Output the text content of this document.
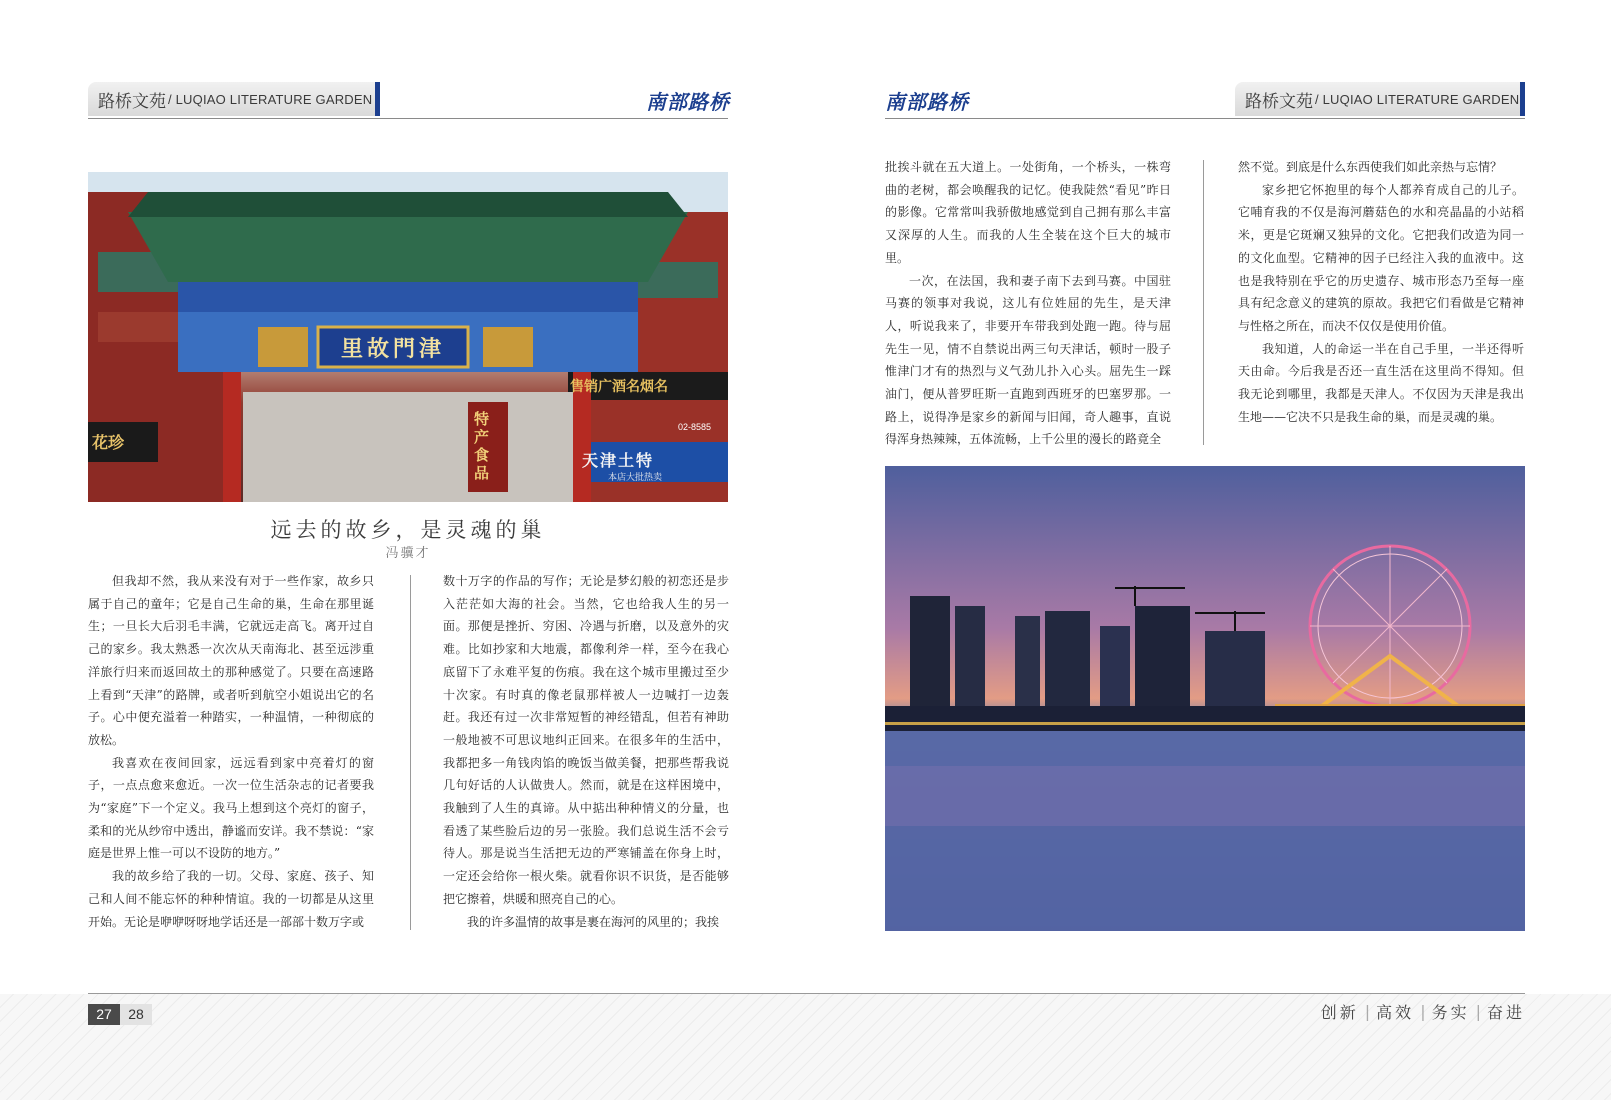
路桥文苑 / LUQIAO LITERATURE GARDEN	南部路桥	南部路桥	路桥文苑 / LUQIAO LITERATURE GARDEN
津門故里
珍花
特产食品
名烟名酒广销售
02-8585
天津土特
本店大批热卖
远去的故乡，是灵魂的巢
冯骥才

但我却不然，我从来没有对于一些作家，故乡只属于自己的童年；它是自己生命的巢，生命在那里诞生；一旦长大后羽毛丰满，它就远走高飞。离开过自己的家乡。我太熟悉一次次从天南海北、甚至远涉重洋旅行归来而返回故土的那种感觉了。只要在高速路上看到“天津”的路牌，或者听到航空小姐说出它的名子。心中便充溢着一种踏实，一种温情，一种彻底的放松。

我喜欢在夜间回家，远远看到家中亮着灯的窗子，一点点愈来愈近。一次一位生活杂志的记者要我为“家庭”下一个定义。我马上想到这个亮灯的窗子，柔和的光从纱帘中透出，静谧而安详。我不禁说：“家庭是世界上惟一可以不设防的地方。”

我的故乡给了我的一切。父母、家庭、孩子、知己和人间不能忘怀的种种情谊。我的一切都是从这里开始。无论是咿咿呀呀地学话还是一部部十数万字或

数十万字的作品的写作；无论是梦幻般的初恋还是步入茫茫如大海的社会。当然，它也给我人生的另一面。那便是挫折、穷困、冷遇与折磨，以及意外的灾难。比如抄家和大地震，都像利斧一样，至今在我心底留下了永难平复的伤痕。我在这个城市里搬过至少十次家。有时真的像老鼠那样被人一边喊打一边轰赶。我还有过一次非常短暂的神经错乱，但若有神助一般地被不可思议地纠正回来。在很多年的生活中，我都把多一角钱肉馅的晚饭当做美餐，把那些帮我说几句好话的人认做贵人。然而，就是在这样困境中，我触到了人生的真谛。从中掂出种种情义的分量，也看透了某些脸后边的另一张脸。我们总说生活不会亏待人。那是说当生活把无边的严寒铺盖在你身上时，一定还会给你一根火柴。就看你识不识货，是否能够把它擦着，烘暖和照亮自己的心。

我的许多温情的故事是裹在海河的风里的；我挨

批挨斗就在五大道上。一处街角，一个桥头，一株弯曲的老树，都会唤醒我的记忆。使我陡然“看见”昨日的影像。它常常叫我骄傲地感觉到自己拥有那么丰富又深厚的人生。而我的人生全装在这个巨大的城市里。

一次，在法国，我和妻子南下去到马赛。中国驻马赛的领事对我说，这儿有位姓屈的先生，是天津人，听说我来了，非要开车带我到处跑一跑。待与屈先生一见，情不自禁说出两三句天津话，顿时一股子惟津门才有的热烈与义气劲儿扑入心头。屈先生一踩油门，便从普罗旺斯一直跑到西班牙的巴塞罗那。一路上，说得净是家乡的新闻与旧闻，奇人趣事，直说得浑身热辣辣，五体流畅，上千公里的漫长的路竟全

然不觉。到底是什么东西使我们如此亲热与忘情？

家乡把它怀抱里的每个人都养育成自己的儿子。它哺育我的不仅是海河蘑菇色的水和亮晶晶的小站稻米，更是它斑斓又独异的文化。它把我们改造为同一的文化血型。它精神的因子已经注入我的血液中。这也是我特别在乎它的历史遗存、城市形态乃至每一座具有纪念意义的建筑的原故。我把它们看做是它精神与性格之所在，而决不仅仅是使用价值。

我知道，人的命运一半在自己手里，一半还得听天由命。今后我是否还一直生活在这里尚不得知。但我无论到哪里，我都是天津人。不仅因为天津是我出生地——它决不只是我生命的巢，而是灵魂的巢。

27	28	创新 | 高效 | 务实 | 奋进
